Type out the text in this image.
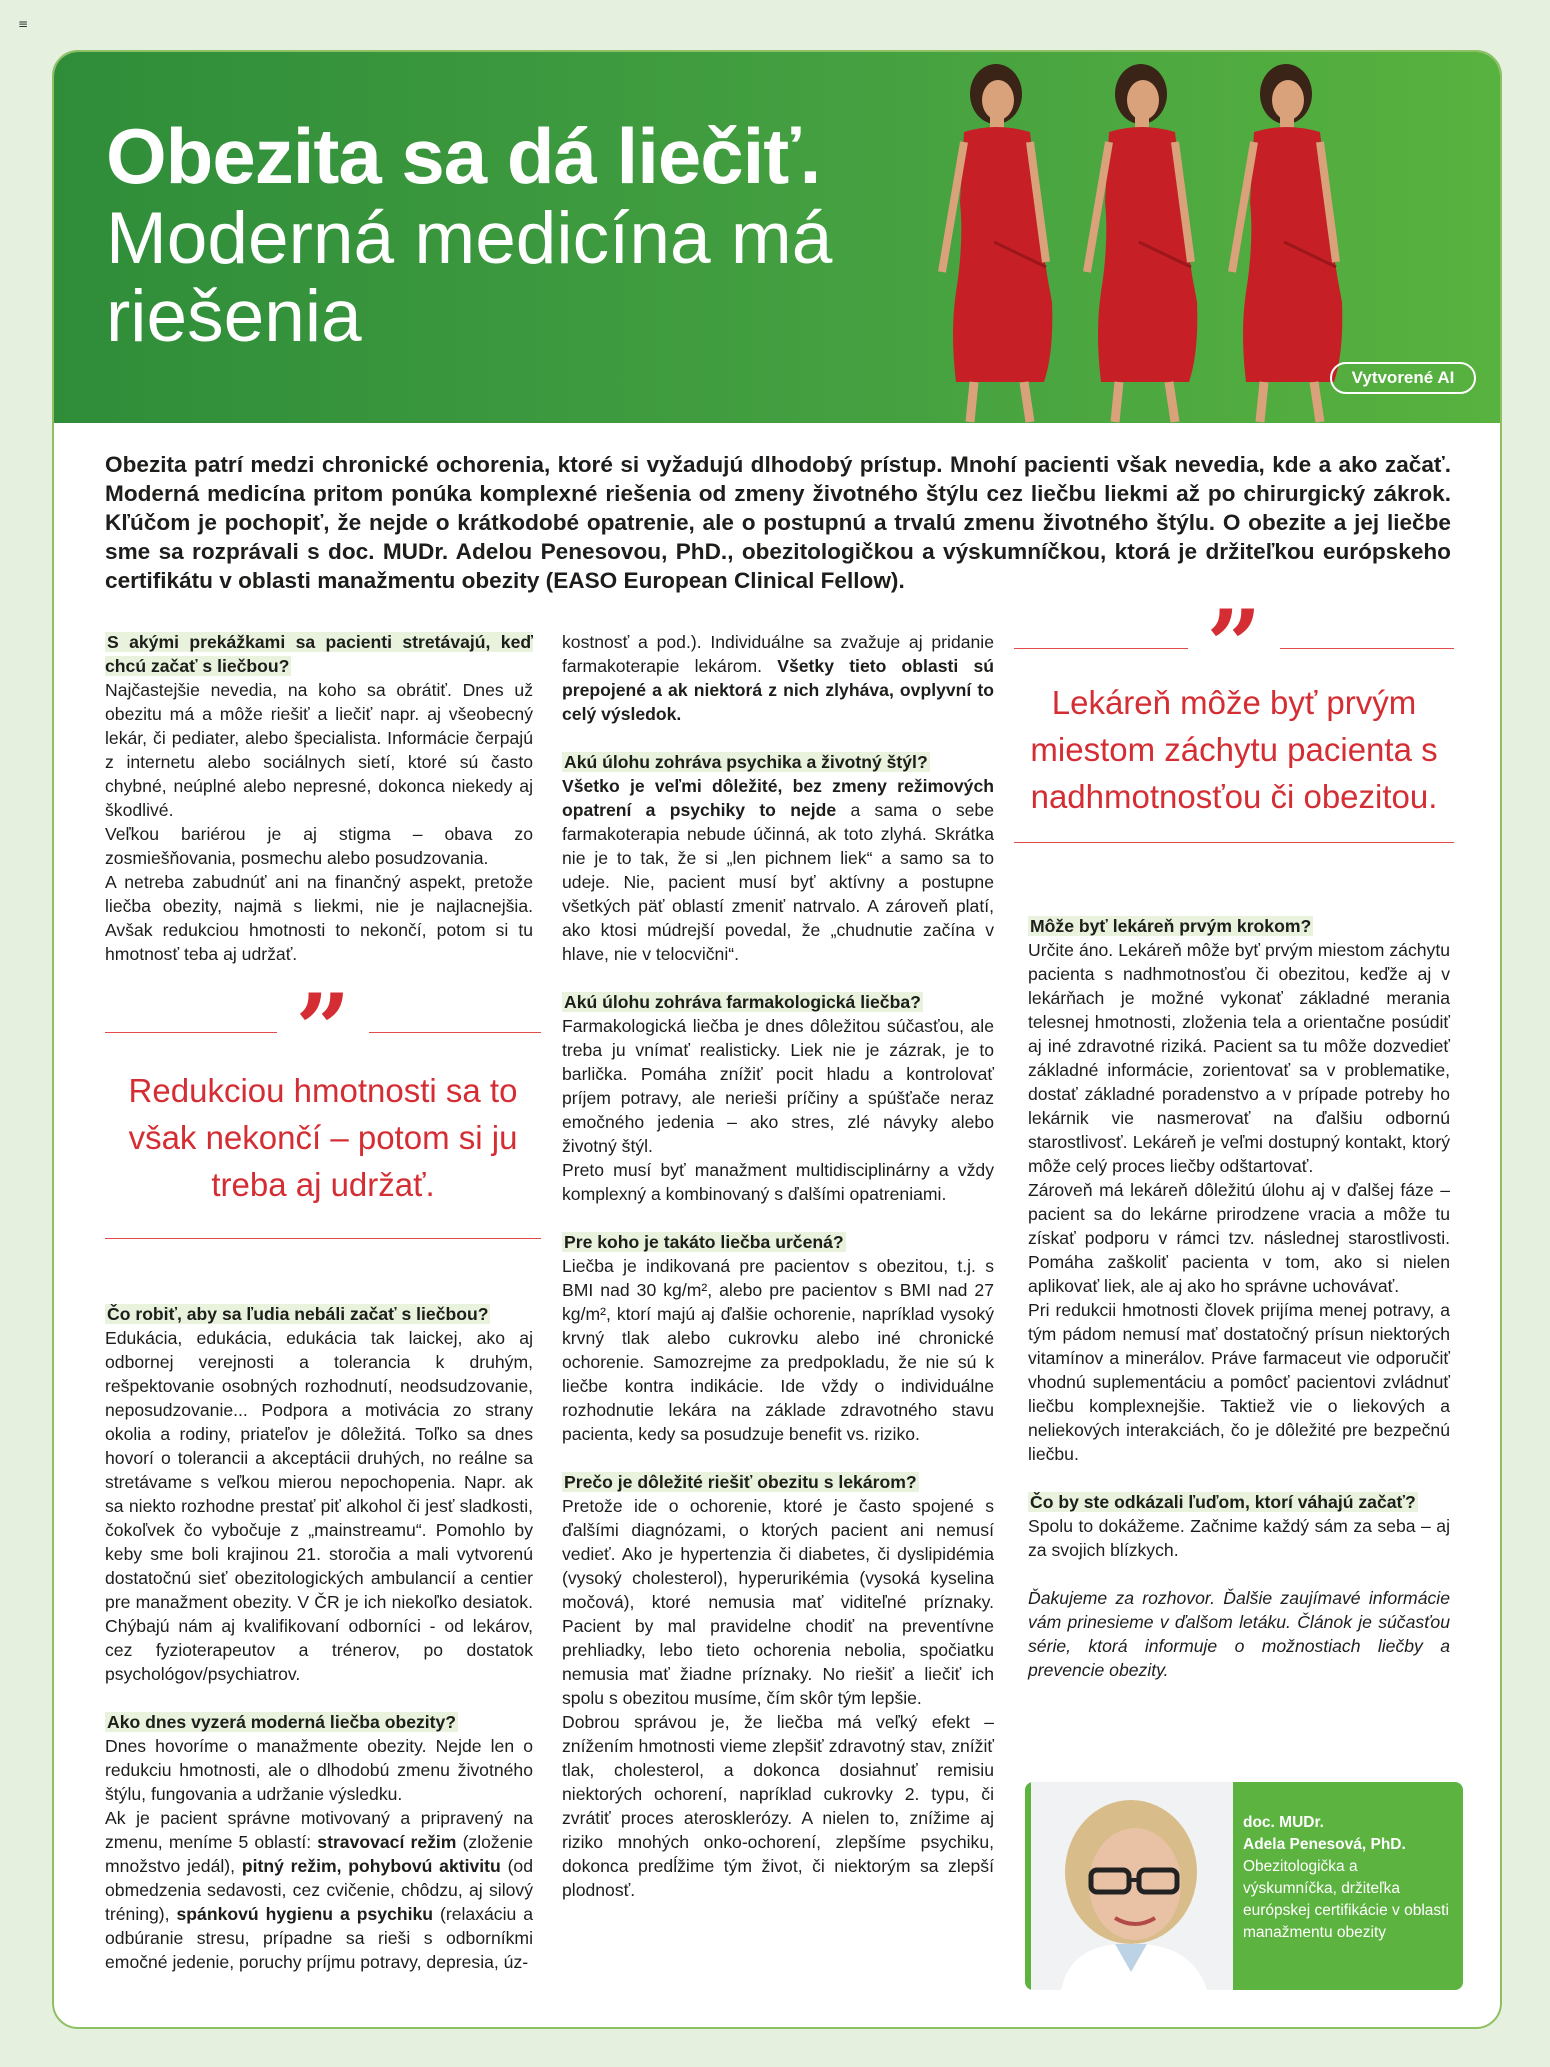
≡
Obezita sa dá liečiť.
Moderná medicína má riešenia
Vytvorené AI

Obezita patrí medzi chronické ochorenia, ktoré si vyžadujú dlhodobý prístup. Mnohí pacienti však nevedia, kde a ako začať. Moderná medicína pritom ponúka komplexné riešenia od zmeny životného štýlu cez liečbu liekmi až po chirurgický zákrok. Kľúčom je pochopiť, že nejde o krátkodobé opatrenie, ale o postupnú a trvalú zmenu životného štýlu. O obezite a jej liečbe sme sa rozprávali s doc. MUDr. Adelou Penesovou, PhD., obezitologičkou a výskumníčkou, ktorá je držiteľkou európskeho certifikátu v oblasti manažmentu obezity (EASO European Clinical Fellow).

S akými prekážkami sa pacienti stretávajú, keď chcú začať s liečbou?

Najčastejšie nevedia, na koho sa obrátiť. Dnes už obezitu má a môže riešiť a liečiť napr. aj všeobecný lekár, či pediater, alebo špecialista. Informácie čerpajú z internetu alebo sociálnych sietí, ktoré sú často chybné, neúplné alebo nepresné, dokonca niekedy aj škodlivé.

Veľkou bariérou je aj stigma – obava zo zosmiešňovania, posmechu alebo posudzovania.

A netreba zabudnúť ani na finančný aspekt, pretože liečba obezity, najmä s liekmi, nie je najlacnejšia. Avšak redukciou hmotnosti to nekončí, potom si tu hmotnosť teba aj udržať.

”

Redukciou hmotnosti sa to však nekončí – potom si ju treba aj udržať.

Čo robiť, aby sa ľudia nebáli začať s liečbou?

Edukácia, edukácia, edukácia tak laickej, ako aj odbornej verejnosti a tolerancia k druhým, rešpektovanie osobných rozhodnutí, neodsudzovanie, neposudzovanie... Podpora a motivácia zo strany okolia a rodiny, priateľov je dôležitá. Toľko sa dnes hovorí o tolerancii a akceptácii druhých, no reálne sa stretávame s veľkou mierou nepochopenia. Napr. ak sa niekto rozhodne prestať piť alkohol či jesť sladkosti, čokoľvek čo vybočuje z „mainstreamu“. Pomohlo by keby sme boli krajinou 21. storočia a mali vytvorenú dostatočnú sieť obezitologických ambulancií a centier pre manažment obezity. V ČR je ich niekoľko desiatok. Chýbajú nám aj kvalifikovaní odborníci - od lekárov, cez fyzioterapeutov a trénerov, po dostatok psychológov/psychiatrov.

Ako dnes vyzerá moderná liečba obezity?

Dnes hovoríme o manažmente obezity. Nejde len o redukciu hmotnosti, ale o dlhodobú zmenu životného štýlu, fungovania a udržanie výsledku.

Ak je pacient správne motivovaný a pripravený na zmenu, meníme 5 oblastí: stravovací režim (zloženie množstvo jedál), pitný režim, pohybovú aktivitu (od obmedzenia sedavosti, cez cvičenie, chôdzu, aj silový tréning), spánkovú hygienu a psychiku (relaxáciu a odbúranie stresu, prípadne sa rieši s odborníkmi emočné jedenie, poruchy príjmu potravy, depresia, úz-

kostnosť a pod.). Individuálne sa zvažuje aj pridanie farmakoterapie lekárom. Všetky tieto oblasti sú prepojené a ak niektorá z nich zlyháva, ovplyvní to celý výsledok.

Akú úlohu zohráva psychika a životný štýl?

Všetko je veľmi dôležité, bez zmeny režimových opatrení a psychiky to nejde a sama o sebe farmakoterapia nebude účinná, ak toto zlyhá. Skrátka nie je to tak, že si „len pichnem liek“ a samo sa to udeje. Nie, pacient musí byť aktívny a postupne všetkých päť oblastí zmeniť natrvalo. A zároveň platí, ako ktosi múdrejší povedal, že „chudnutie začína v hlave, nie v telocvični“.

Akú úlohu zohráva farmakologická liečba?

Farmakologická liečba je dnes dôležitou súčasťou, ale treba ju vnímať realisticky. Liek nie je zázrak, je to barlička. Pomáha znížiť pocit hladu a kontrolovať príjem potravy, ale nerieši príčiny a spúšťače neraz emočného jedenia – ako stres, zlé návyky alebo životný štýl.

Preto musí byť manažment multidisciplinárny a vždy komplexný a kombinovaný s ďalšími opatreniami.

Pre koho je takáto liečba určená?

Liečba je indikovaná pre pacientov s obezitou, t.j. s BMI nad 30 kg/m², alebo pre pacientov s BMI nad 27 kg/m², ktorí majú aj ďalšie ochorenie, napríklad vysoký krvný tlak alebo cukrovku alebo iné chronické ochorenie. Samozrejme za predpokladu, že nie sú k liečbe kontra indikácie. Ide vždy o individuálne rozhodnutie lekára na základe zdravotného stavu pacienta, kedy sa posudzuje benefit vs. riziko.

Prečo je dôležité riešiť obezitu s lekárom?

Pretože ide o ochorenie, ktoré je často spojené s ďalšími diagnózami, o ktorých pacient ani nemusí vedieť. Ako je hypertenzia či diabetes, či dyslipidémia (vysoký cholesterol), hyperurikémia (vysoká kyselina močová), ktoré nemusia mať viditeľné príznaky. Pacient by mal pravidelne chodiť na preventívne prehliadky, lebo tieto ochorenia nebolia, spočiatku nemusia mať žiadne príznaky. No riešiť a liečiť ich spolu s obezitou musíme, čím skôr tým lepšie.

Dobrou správou je, že liečba má veľký efekt – znížením hmotnosti vieme zlepšiť zdravotný stav, znížiť tlak, cholesterol, a dokonca dosiahnuť remisiu niektorých ochorení, napríklad cukrovky 2. typu, či zvrátiť proces aterosklerózy. A nielen to, znížime aj riziko mnohých onko-ochorení, zlepšíme psychiku, dokonca predĺžime tým život, či niektorým sa zlepší plodnosť.

”

Lekáreň môže byť prvým miestom záchytu pacienta s nadhmotnosťou či obezitou.

Môže byť lekáreň prvým krokom?

Určite áno. Lekáreň môže byť prvým miestom záchytu pacienta s nadhmotnosťou či obezitou, keďže aj v lekárňach je možné vykonať základné merania telesnej hmotnosti, zloženia tela a orientačne posúdiť aj iné zdravotné riziká. Pacient sa tu môže dozvedieť základné informácie, zorientovať sa v problematike, dostať základné poradenstvo a v prípade potreby ho lekárnik vie nasmerovať na ďalšiu odbornú starostlivosť. Lekáreň je veľmi dostupný kontakt, ktorý môže celý proces liečby odštartovať.

Zároveň má lekáreň dôležitú úlohu aj v ďalšej fáze – pacient sa do lekárne prirodzene vracia a môže tu získať podporu v rámci tzv. následnej starostlivosti. Pomáha zaškoliť pacienta v tom, ako si nielen aplikovať liek, ale aj ako ho správne uchovávať.

Pri redukcii hmotnosti človek prijíma menej potravy, a tým pádom nemusí mať dostatočný prísun niektorých vitamínov a minerálov. Práve farmaceut vie odporučiť vhodnú suplementáciu a pomôcť pacientovi zvládnuť liečbu komplexnejšie. Taktiež vie o liekových a neliekových interakciách, čo je dôležité pre bezpečnú liečbu.

Čo by ste odkázali ľuďom, ktorí váhajú začať?

Spolu to dokážeme. Začnime každý sám za seba – aj za svojich blízkych.

Ďakujeme za rozhovor. Ďalšie zaujímavé informácie vám prinesieme v ďalšom letáku. Článok je súčasťou série, ktorá informuje o možnostiach liečby a prevencie obezity.

doc. MUDr.
Adela Penesová, PhD.

Obezitologička a výskumníčka, držiteľka európskej certifikácie v oblasti manažmentu obezity
